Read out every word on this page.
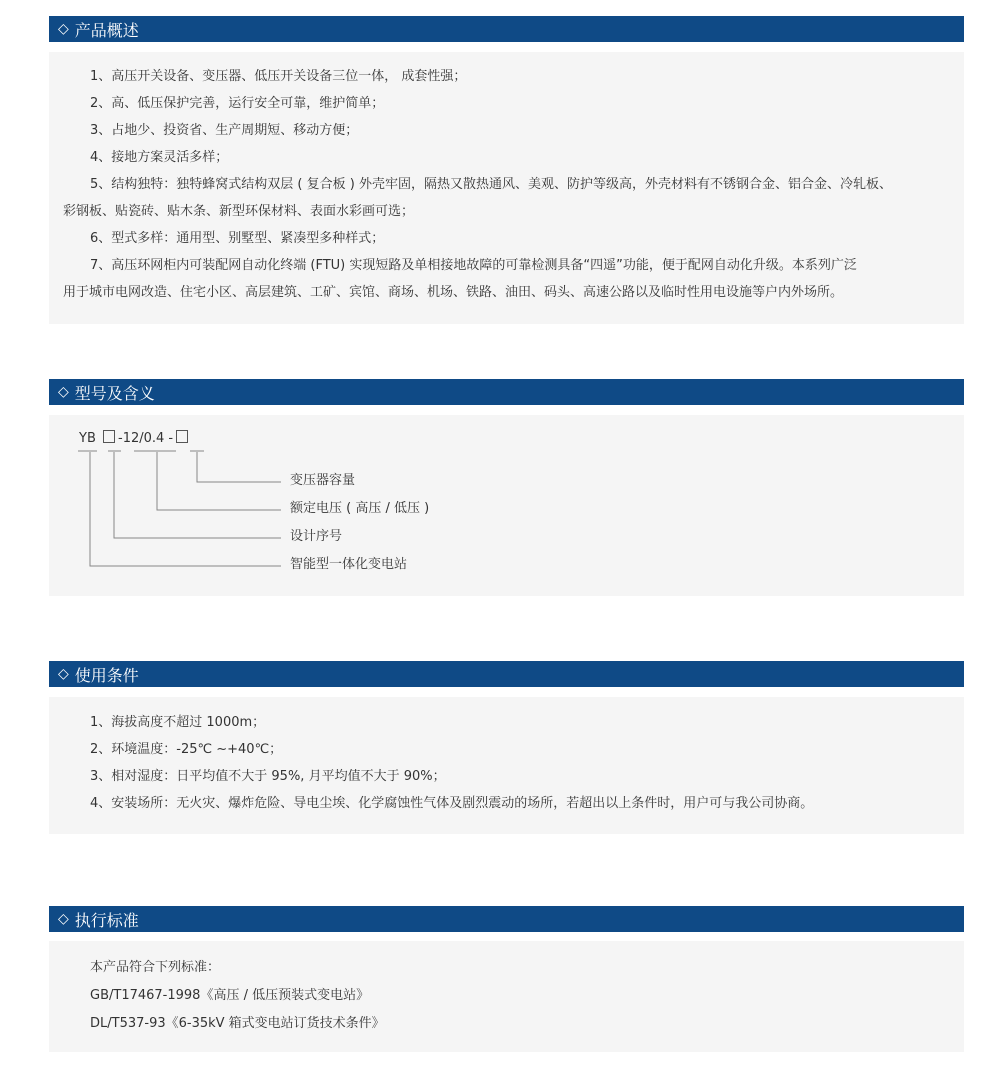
◇ 产品概述
1、高压开关设备、变压器、低压开关设备三位一体， 成套性强；
2、高、低压保护完善，运行安全可靠，维护简单；
3、占地少、投资省、生产周期短、移动方便；
4、接地方案灵活多样；
5、结构独特：独特蜂窝式结构双层 ( 复合板 ) 外壳牢固，隔热又散热通风、美观、防护等级高，外壳材料有不锈钢合金、铝合金、冷轧板、
彩钢板、贴瓷砖、贴木条、新型环保材料、表面水彩画可选；
6、型式多样：通用型、别墅型、紧凑型多种样式；
7、高压环网柜内可装配网自动化终端 (FTU) 实现短路及单相接地故障的可靠检测具备“四遥”功能，便于配网自动化升级。本系列广泛
用于城市电网改造、住宅小区、高层建筑、工矿、宾馆、商场、机场、铁路、油田、码头、高速公路以及临时性用电设施等户内外场所。
◇ 型号及含义
YB -12/0.4 -
变压器容量
额定电压 ( 高压 / 低压 )
设计序号
智能型一体化变电站
◇ 使用条件
1、海拔高度不超过 1000m；
2、环境温度：-25℃ ~+40℃；
3、相对湿度：日平均值不大于 95%, 月平均值不大于 90%；
4、安装场所：无火灾、爆炸危险、导电尘埃、化学腐蚀性气体及剧烈震动的场所，若超出以上条件时，用户可与我公司协商。
◇ 执行标准
本产品符合下列标准：
GB/T17467-1998《高压 / 低压预装式变电站》
DL/T537-93《6-35kV 箱式变电站订货技术条件》
